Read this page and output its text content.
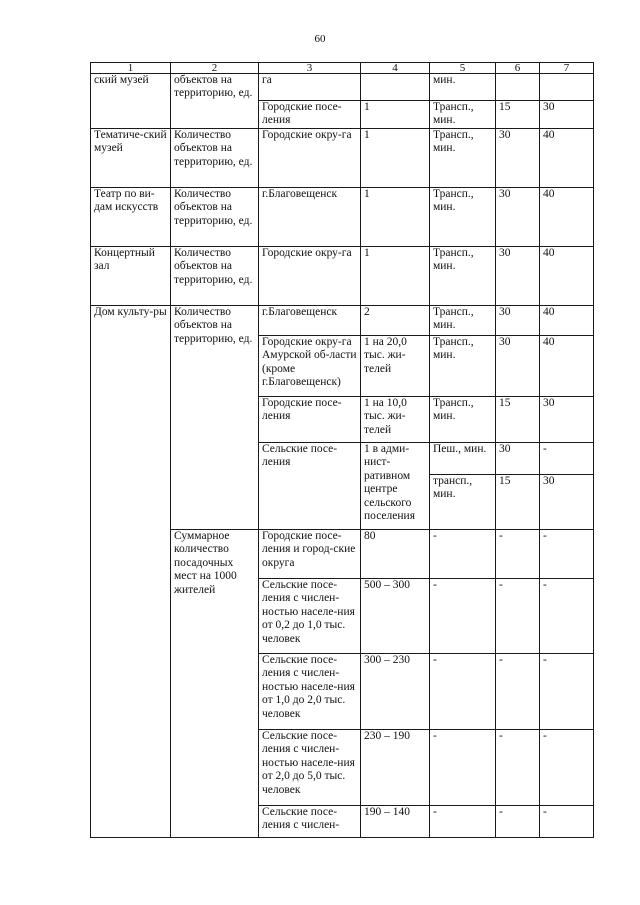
60
1	2	3	4	5	6	7
ский музей	объектов на территорию, ед.	га		мин.		
		Городские посе-ления	1	Трансп., мин.	15	30
Тематиче-ский музей	Количество объектов на территорию, ед.	Городские окру-га	1	Трансп., мин.	30	40
Театр по ви-дам искусств	Количество объектов на территорию, ед.	г.Благовещенск	1	Трансп., мин.	30	40
Концертный зал	Количество объектов на территорию, ед.	Городские окру-га	1	Трансп., мин.	30	40
Дом культу-ры	Количество объектов на территорию, ед.	г.Благовещенск	2	Трансп., мин.	30	40
		Городские окру-га Амурской об-ласти (кроме г.Благовещенск)	1 на 20,0 тыс. жи-телей	Трансп., мин.	30	40
		Городские посе-ления	1 на 10,0 тыс. жи-телей	Трансп., мин.	15	30
		Сельские посе-ления	1 в адми-нист-ративном центре сельского поселения	Пеш., мин.	30	-
				трансп., мин.	15	30
	Суммарное количество посадочных мест на 1000 жителей	Городские посе-ления и город-ские округа	80	-	-	-
		Сельские посе-ления с числен-ностью населе-ния от 0,2 до 1,0 тыс. человек	500 – 300	-	-	-
		Сельские посе-ления с числен-ностью населе-ния от 1,0 до 2,0 тыс. человек	300 – 230	-	-	-
		Сельские посе-ления с числен-ностью населе-ния от 2,0 до 5,0 тыс. человек	230 – 190	-	-	-
		Сельские посе-ления с числен-	190 – 140	-	-	-
